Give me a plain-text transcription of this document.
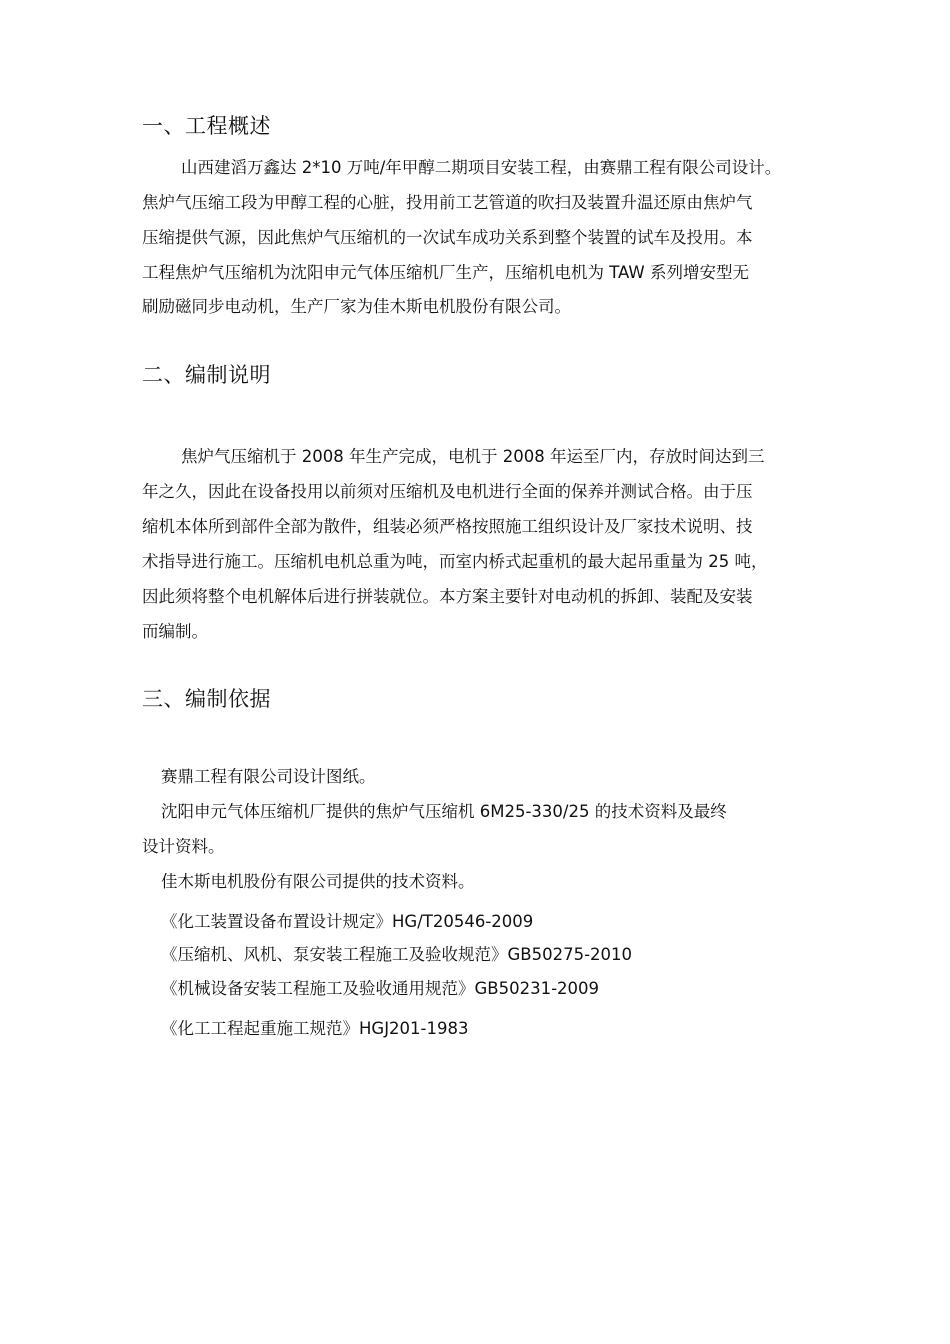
一、工程概述
山西建滔万鑫达 2*10 万吨/年甲醇二期项目安装工程，由赛鼎工程有限公司设计。
焦炉气压缩工段为甲醇工程的心脏，投用前工艺管道的吹扫及装置升温还原由焦炉气
压缩提供气源，因此焦炉气压缩机的一次试车成功关系到整个装置的试车及投用。本
工程焦炉气压缩机为沈阳申元气体压缩机厂生产，压缩机电机为 TAW 系列增安型无
刷励磁同步电动机，生产厂家为佳木斯电机股份有限公司。
二、编制说明
焦炉气压缩机于 2008 年生产完成，电机于 2008 年运至厂内，存放时间达到三
年之久，因此在设备投用以前须对压缩机及电机进行全面的保养并测试合格。由于压
缩机本体所到部件全部为散件，组装必须严格按照施工组织设计及厂家技术说明、技
术指导进行施工。压缩机电机总重为吨，而室内桥式起重机的最大起吊重量为 25 吨，
因此须将整个电机解体后进行拼装就位。本方案主要针对电动机的拆卸、装配及安装
而编制。
三、编制依据
赛鼎工程有限公司设计图纸。
沈阳申元气体压缩机厂提供的焦炉气压缩机 6M25-330/25 的技术资料及最终
设计资料。
佳木斯电机股份有限公司提供的技术资料。
《化工装置设备布置设计规定》HG/T20546-2009
《压缩机、风机、泵安装工程施工及验收规范》GB50275-2010
《机械设备安装工程施工及验收通用规范》GB50231-2009
《化工工程起重施工规范》HGJ201-1983
